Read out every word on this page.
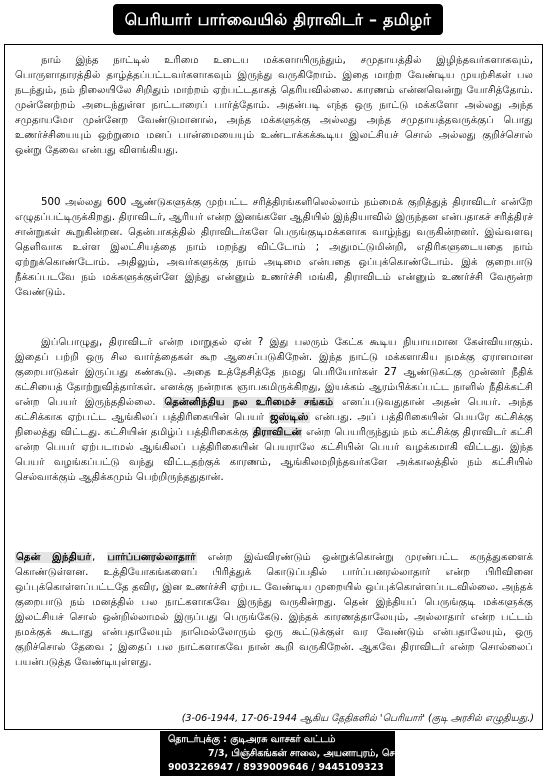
பெரியார் பார்வையில் திராவிடர் – தமிழர்

நாம் இந்த நாட்டில் உரிமை உடைய மக்களாயிருந்தும், சமுதாயத்தில் இழிந்தவர்களாகவும், பொருளாதாரத்தில் தாழ்த்தப்பட்டவர்களாகவும் இருந்து வருகிறோம். இதை மாற்ற வேண்டிய முயற்சிகள் பல நடந்தும், நம் நிலையிலே சிறிதும் மாற்றம் ஏற்பட்டதாகத் தெரியவில்லை. காரணம் என்னவென்று யோசித்தோம். முன்னேற்றம் அடைந்துள்ள நாட்டாரைப் பார்த்தோம். அதன்படி எந்த ஒரு நாட்டு மக்களோ அல்லது அந்த சமுதாயமோ முன்னேற வேண்டுமானால், அந்த மக்களுக்கு அல்லது அந்த சமுதாயத்தவருக்குப் பொது உணர்ச்சியையும் ஒற்றுமை மனப் பான்மையையும் உண்டாக்கக்கூடிய இலட்சியச் சொல் அல்லது குறிச்சொல் ஒன்று தேவை என்பது விளங்கியது.

500 அல்லது 600 ஆண்டுகளுக்கு முற்பட்ட சரித்திரங்களிலெல்லாம் நம்மைக் குறித்துத் திராவிடர் என்றே எழுதப்பட்டிருக்கிறது. திராவிடர், ஆரியர் என்ற இனங்களே ஆதியில் இந்தியாவில் இருந்தன என்பதாகச் சரித்திரச் சான்றுகள் கூறுகின்றன. தென்பாகத்தில் திராவிடர்களே பெருங்குடிமக்களாக வாழ்ந்து வருகின்றனர். இவ்வளவு தெளிவாக உள்ள இலட்சியத்தை நாம் மறந்து விட்டோம் ; அதுமட்டுமின்றி, எதிரிகளுடையதை நாம் ஏற்றுக்கொண்டோம். அதிலும், அவர்களுக்கு நாம் அடிமை என்பதை ஒப்புக்கொண்டோம். இக் குறைபாடு நீக்கப்படவே நம் மக்களுக்குள்ளே இந்து என்னும் உணர்ச்சி மங்கி, திராவிடம் என்னும் உணர்ச்சி வேரூன்ற வேண்டும்.

இப்பொழுது, திராவிடர் என்ற மாறுதல் ஏன் ? இது பலரும் கேட்க கூடிய நியாயமான கேள்வியாகும். இதைப் பற்றி ஒரு சில வார்த்தைகள் கூற ஆசைப்படுகிறேன். இந்த நாட்டு மக்களாகிய நமக்கு ஏராளமான குறைபாடுகள் இருப்பது கண்கூடு. அதை உத்தேசித்தே நமது பெரியோர்கள் 27 ஆண்டுகட்கு முன்னர் நீதிக் கட்சியைத் தோற்றுவித்தார்கள். எனக்கு நன்றாக ஞாபகமிருக்கிறது, இயக்கம் ஆரம்பிக்கப்பட்ட நாளில் நீதிக்கட்சி என்ற பெயர் இருந்ததில்லை. தென்னிந்திய நல உரிமைச் சங்கம் எனப்படுவதுதான் அதன் பெயர். அந்த கட்சிக்காக ஏற்பட்ட ஆங்கிலப் பத்திரிகையின் பெயர் ஜஸ்டிஸ் என்பது. அப் பத்திரிகையின் பெயரே கட்சிக்கு நிலைத்து விட்டது. கட்சியின் தமிழ்ப் பத்திரிகைக்கு திராவிடன் என்ற பெயரிருந்தும் நம் கட்சிக்கு திராவிடர் கட்சி என்ற பெயர் ஏற்படாமல் ஆங்கிலப் பத்திரிகையின் பெயராலே கட்சியின் பெயர் வழக்கமாகி விட்டது. இந்த பெயர் வழங்கப்பட்டு வந்து விட்டதற்குக் காரணம், ஆங்கிலமறிந்தவர்களே அக்காலத்தில் நம் கட்சியில் செல்வாக்கும் ஆதிக்கமும் பெற்றிருந்ததுதான்.

தென் இந்தியர், பார்ப்பனரல்லாதார் என்ற இவ்விரண்டும் ஒன்றுக்கொன்று முரண்பட்ட கருத்துகளைக் கொண்டுள்ளன. உத்தியோகங்களைப் பிரித்துக் கொடுப்பதில் பார்ப்பனரல்லாதார் என்ற பிரிவினை ஒப்புக்கொள்ளப்பட்டதே தவிர, இன உணர்ச்சி ஏற்பட வேண்டிய முறையில் ஒப்புக்கொள்ளப்படவில்லை. அந்தக் குறைபாடு நம் மனத்தில் பல நாட்களாகவே இருந்து வருகின்றது. தென் இந்தியப் பெருங்குடி மக்களுக்கு இலட்சியச் சொல் ஒன்றில்லாமல் இருப்பது பெருங்கேடு. இந்தக் காரணத்தாலேயும், அல்லாதார் என்ற பட்டம் நமக்குக் கூடாது என்பதாலேயும் நாமெல்லோரும் ஒரு கூட்டுக்குள் வர வேண்டும் என்பதாலேயும், ஒரு குறிச்சொல் தேவை ; இதைப் பல நாட்களாகவே நான் கூறி வருகிறேன். ஆகவே திராவிடர் என்ற சொல்லைப் பயன்படுத்த வேண்டியுள்ளது.

(3-06-1944, 17-06-1944 ஆகிய தேதிகளில் 'பெரியார்' (குடி அரசில் எழுதியது.)
தொடர்புக்கு : குடிஅரசு வாசகர் வட்டம்
7/3, பிஞ்சிகங்கன் சாலை, அயனாபுரம், சென்னை - 23.
9003226947 / 8939009646 / 9445109323
